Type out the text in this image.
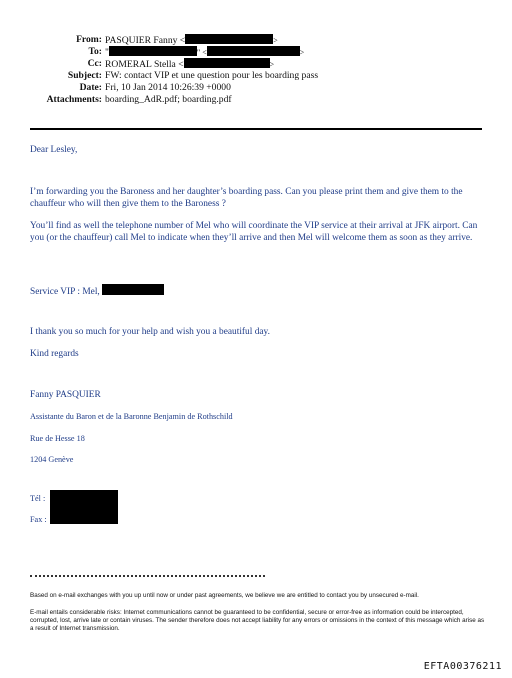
From: PASQUIER Fanny <	>
To: "	" <	>
Cc: ROMERAL Stella <	>
Subject: FW: contact VIP et une question pour les boarding pass
Date: Fri, 10 Jan 2014 10:26:39 +0000
Attachments: boarding_AdR.pdf; boarding.pdf
Dear Lesley,
I’m forwarding you the Baroness and her daughter’s boarding pass. Can you please print them and give them to the chauffeur who will then give them to the Baroness ?
You’ll find as well the telephone number of Mel who will coordinate the VIP service at their arrival at JFK airport. Can you (or the chauffeur) call Mel to indicate when they’ll arrive and then Mel will welcome them as soon as they arrive.
Service VIP : Mel,
I thank you so much for your help and wish you a beautiful day.
Kind regards
Fanny PASQUIER
Assistante du Baron et de la Baronne Benjamin de Rothschild
Rue de Hesse 18
1204 Genève
Tél :
Fax :
Based on e-mail exchanges with you up until now or under past agreements, we believe we are entitled to contact you by unsecured e-mail.
E-mail entails considerable risks: Internet communications cannot be guaranteed to be confidential, secure or error-free as information could be intercepted, corrupted, lost, arrive late or contain viruses. The sender therefore does not accept liability for any errors or omissions in the context of this message which arise as a result of Internet transmission.
EFTA00376211
